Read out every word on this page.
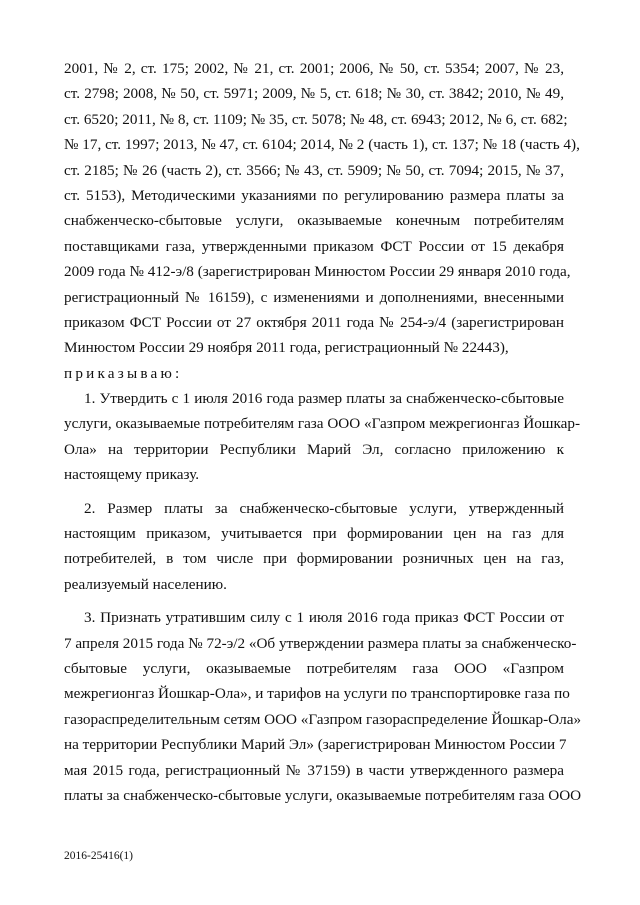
2001, № 2, ст. 175; 2002, № 21, ст. 2001; 2006, № 50, ст. 5354; 2007, № 23,
ст. 2798; 2008, № 50, ст. 5971; 2009, № 5, ст. 618; № 30, ст. 3842; 2010, № 49,
ст. 6520; 2011, № 8, ст. 1109; № 35, ст. 5078; № 48, ст. 6943; 2012, № 6, ст. 682;
№ 17, ст. 1997; 2013, № 47, ст. 6104; 2014, № 2 (часть 1), ст. 137; № 18 (часть 4),
ст. 2185; № 26 (часть 2), ст. 3566; № 43, ст. 5909; № 50, ст. 7094; 2015, № 37,
ст. 5153), Методическими указаниями по регулированию размера платы за
снабженческо-сбытовые услуги, оказываемые конечным потребителям
поставщиками газа, утвержденными приказом ФСТ России от 15 декабря
2009 года № 412-э/8 (зарегистрирован Минюстом России 29 января 2010 года,
регистрационный № 16159), с изменениями и дополнениями, внесенными
приказом ФСТ России от 27 октября 2011 года № 254-э/4 (зарегистрирован
Минюстом России 29 ноября 2011 года, регистрационный № 22443),
приказываю:
1. Утвердить с 1 июля 2016 года размер платы за снабженческо-сбытовые
услуги, оказываемые потребителям газа ООО «Газпром межрегионгаз Йошкар-
Ола» на территории Республики Марий Эл, согласно приложению к
настоящему приказу.
2. Размер платы за снабженческо-сбытовые услуги, утвержденный
настоящим приказом, учитывается при формировании цен на газ для
потребителей, в том числе при формировании розничных цен на газ,
реализуемый населению.
3. Признать утратившим силу с 1 июля 2016 года приказ ФСТ России от
7 апреля 2015 года № 72-э/2 «Об утверждении размера платы за снабженческо-
сбытовые услуги, оказываемые потребителям газа ООО «Газпром
межрегионгаз Йошкар-Ола», и тарифов на услуги по транспортировке газа по
газораспределительным сетям ООО «Газпром газораспределение Йошкар-Ола»
на территории Республики Марий Эл» (зарегистрирован Минюстом России 7
мая 2015 года, регистрационный № 37159) в части утвержденного размера
платы за снабженческо-сбытовые услуги, оказываемые потребителям газа ООО
2016-25416(1)
